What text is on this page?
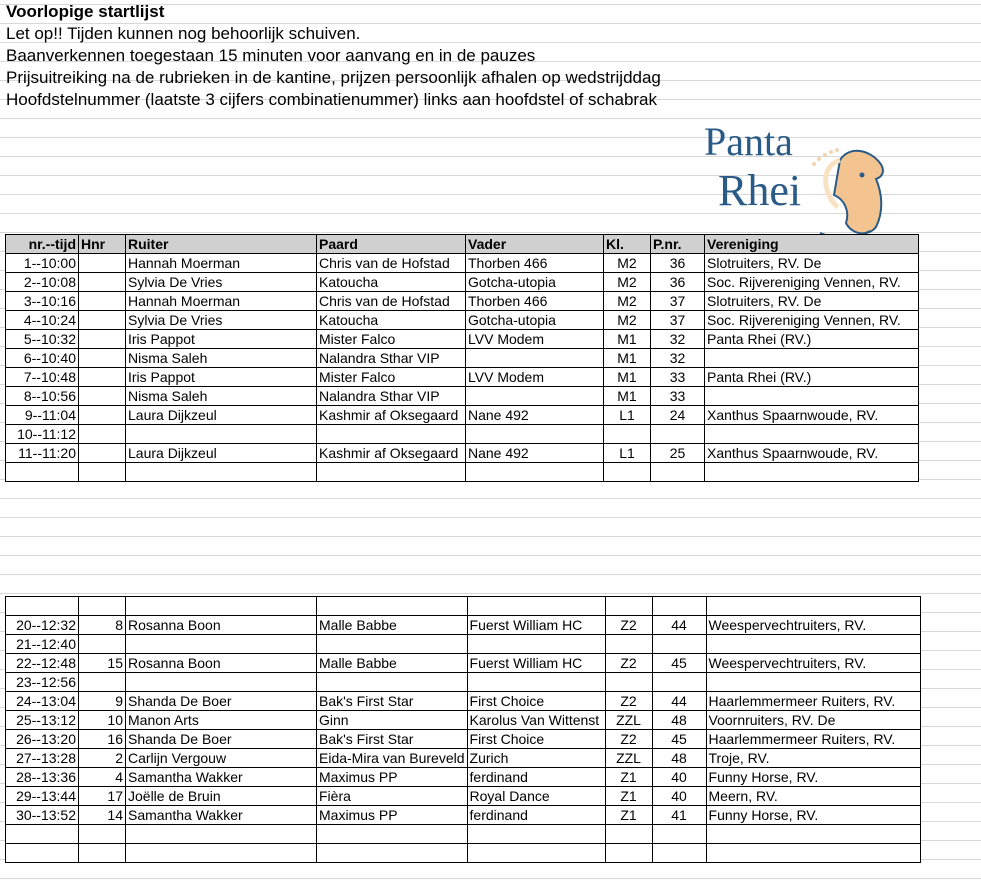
Voorlopige startlijst
Let op!! Tijden kunnen nog behoorlijk schuiven.
Baanverkennen toegestaan 15 minuten voor aanvang en in de pauzes
Prijsuitreiking na de rubrieken in de kantine, prijzen persoonlijk afhalen op wedstrijddag
Hoofdstelnummer (laatste 3 cijfers combinatienummer) links aan hoofdstel of schabrak
Panta
Rhei
nr.--tijd	Hnr	Ruiter	Paard	Vader	Kl.	P.nr.	Vereniging
1--10:00		Hannah Moerman	Chris van de Hofstad	Thorben 466	M2	36	Slotruiters, RV. De
2--10:08		Sylvia De Vries	Katoucha	Gotcha-utopia	M2	36	Soc. Rijvereniging Vennen, RV.
3--10:16		Hannah Moerman	Chris van de Hofstad	Thorben 466	M2	37	Slotruiters, RV. De
4--10:24		Sylvia De Vries	Katoucha	Gotcha-utopia	M2	37	Soc. Rijvereniging Vennen, RV.
5--10:32		Iris Pappot	Mister Falco	LVV Modem	M1	32	Panta Rhei (RV.)
6--10:40		Nisma Saleh	Nalandra Sthar VIP		M1	32	
7--10:48		Iris Pappot	Mister Falco	LVV Modem	M1	33	Panta Rhei (RV.)
8--10:56		Nisma Saleh	Nalandra Sthar VIP		M1	33	
9--11:04		Laura Dijkzeul	Kashmir af Oksegaard	Nane 492	L1	24	Xanthus Spaarnwoude, RV.
10--11:12							
11--11:20		Laura Dijkzeul	Kashmir af Oksegaard	Nane 492	L1	25	Xanthus Spaarnwoude, RV.

20--12:32	8	Rosanna Boon	Malle Babbe	Fuerst William HC	Z2	44	Weespervechtruiters, RV.
21--12:40							
22--12:48	15	Rosanna Boon	Malle Babbe	Fuerst William HC	Z2	45	Weespervechtruiters, RV.
23--12:56							
24--13:04	9	Shanda De Boer	Bak's First Star	First Choice	Z2	44	Haarlemmermeer Ruiters, RV.
25--13:12	10	Manon Arts	Ginn	Karolus Van Wittenst	ZZL	48	Voornruiters, RV. De
26--13:20	16	Shanda De Boer	Bak's First Star	First Choice	Z2	45	Haarlemmermeer Ruiters, RV.
27--13:28	2	Carlijn Vergouw	Eida-Mira van Bureveld	Zurich	ZZL	48	Troje, RV.
28--13:36	4	Samantha Wakker	Maximus PP	ferdinand	Z1	40	Funny Horse, RV.
29--13:44	17	Joëlle de Bruin	Fièra	Royal Dance	Z1	40	Meern, RV.
30--13:52	14	Samantha Wakker	Maximus PP	ferdinand	Z1	41	Funny Horse, RV.
